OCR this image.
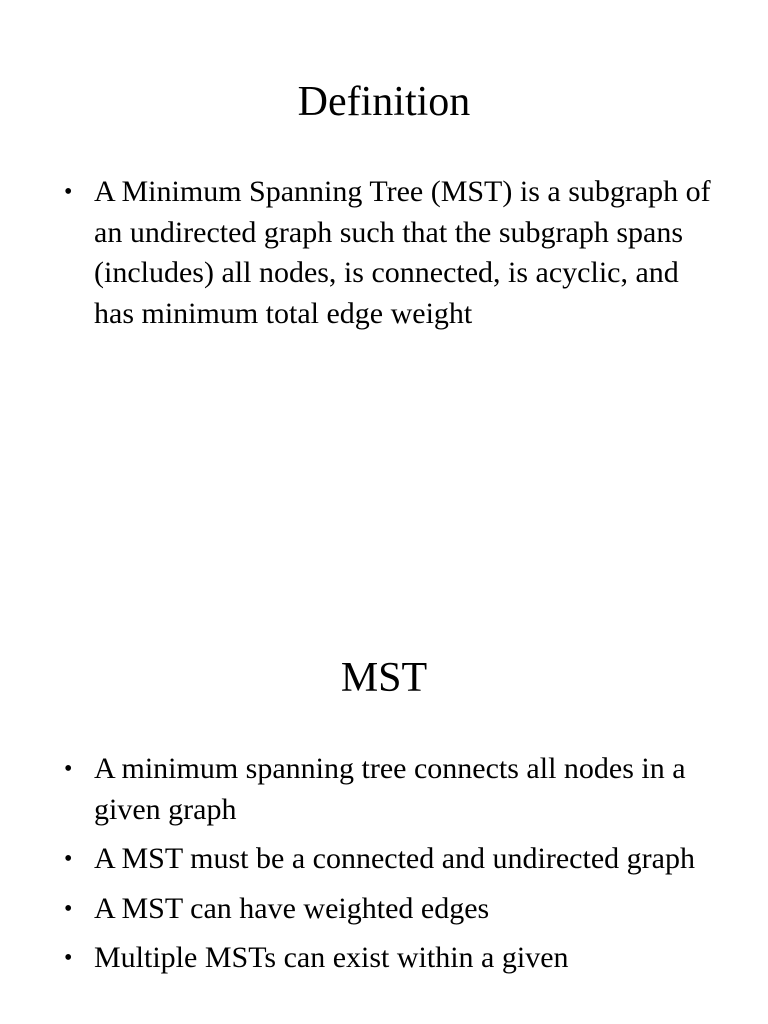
Definition
• A Minimum Spanning Tree (MST) is a subgraph of an undirected graph such that the subgraph spans (includes) all nodes, is connected, is acyclic, and has minimum total edge weight
MST
• A minimum spanning tree connects all nodes in a given graph
• A MST must be a connected and undirected graph
• A MST can have weighted edges
• Multiple MSTs can exist within a given
